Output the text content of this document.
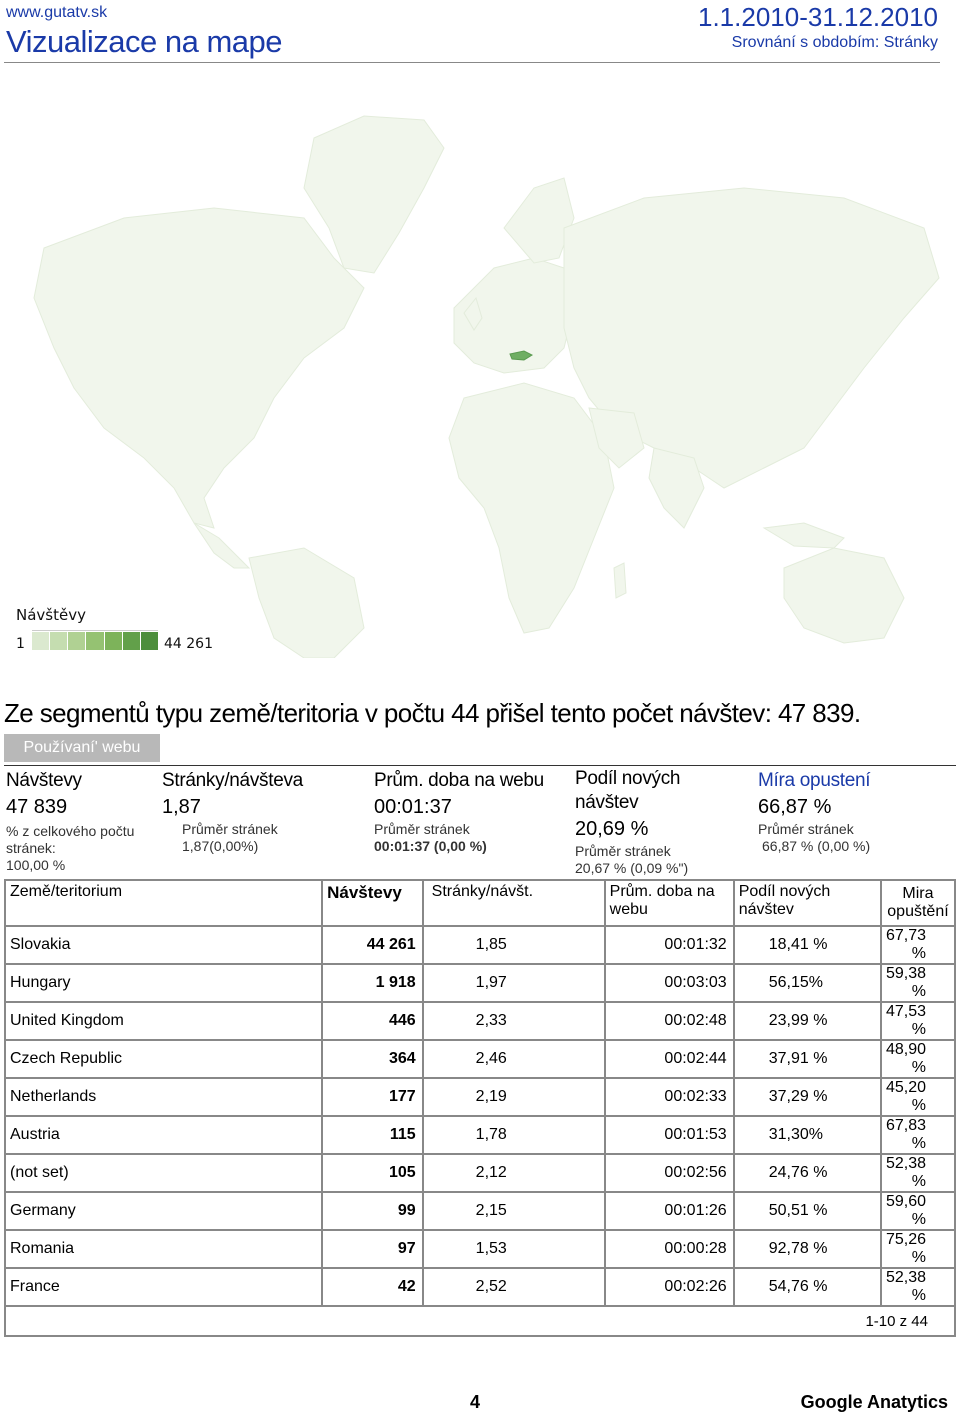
www.gutatv.sk
Vizualizace na mape
1.1.2010-31.12.2010
Srovnání s obdobím: Stránky
Návštěvy
1	44 261
Ze segmentů typu země/teritoria v počtu 44 přišel tento počet návštev: 47 839.
Používaní' webu
Návštevy
47 839
% z celkového počtu
stránek:
100,00 %
Stránky/návšteva
1,87
Průměr stránek
1,87(0,00%)
Prům. doba na webu
00:01:37
Průměr stránek
00:01:37 (0,00 %)
Podíl nových
návštev
20,69 %
Průměr stránek
20,67 % (0,09 %")
Míra opustení
66,87 %
Průmér stránek
66,87 % (0,00 %)
Země/teritorium		Návštevy	Stránky/návšt.	Prům. doba na webu	Podíl nových návštev	Mira opuštění
Slovakia		44 261	1,85	00:01:32	18,41 %	67,73 %
Hungary		1 918	1,97	00:03:03	56,15%	59,38 %
United Kingdom		446	2,33	00:02:48	23,99 %	47,53 %
Czech Republic		364	2,46	00:02:44	37,91 %	48,90 %
Netherlands		177	2,19	00:02:33	37,29 %	45,20 %
Austria		115	1,78	00:01:53	31,30%	67,83 %
(not set)		105	2,12	00:02:56	24,76 %	52,38 %
Germany		99	2,15	00:01:26	50,51 %	59,60 %
Romania		97	1,53	00:00:28	92,78 %	75,26 %
France		42	2,52	00:02:26	54,76 %	52,38 %
1-10 z 44						
4	Google Anatytics
